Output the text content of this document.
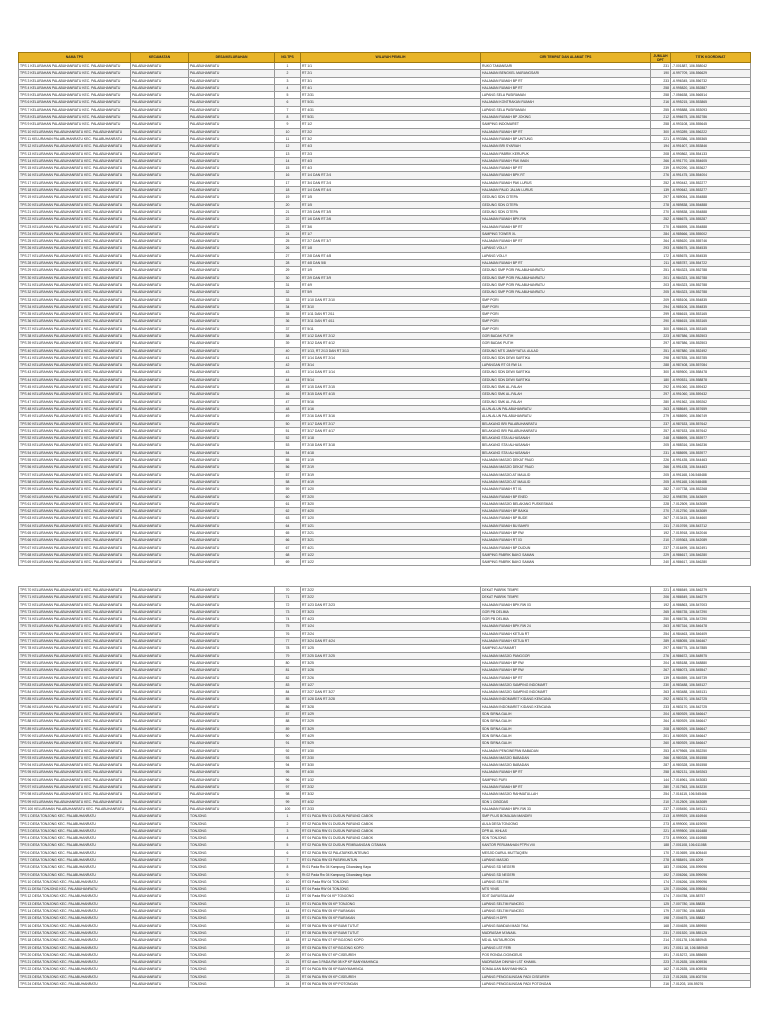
NAMA TPS	KECAMATAN	DESA/KELURAHAN	NO.TPS	WILAYAH PEMILIH	CIRI TEMPAT DAN ALAMAT TPS	JUMLAH DPT	TITIK KOORDINAT
TPS 1 KELURAHAN PALABUHANRATU KEC. PALABUHANRATU	PALABUHANRATU	PALABUHANRATU	1	RT 1/1	RUKO TAMANSARI	231	-7.001887, 106.558042
TPS 2 KELURAHAN PALABUHANRATU KEC. PALABUHANRATU	PALABUHANRATU	PALABUHANRATU	2	RT 2/1	HALAMAN BENGKEL MARANGSARI	190	-6.997709, 106.556629
TPS 3 KELURAHAN PALABUHANRATU KEC. PALABUHANRATU	PALABUHANRATU	PALABUHANRATU	3	RT 3/1	HALAMAN RUMAH BP RT	233	-6.996345, 106.556732
TPS 4 KELURAHAN PALABUHANRATU KEC. PALABUHANRATU	PALABUHANRATU	PALABUHANRATU	4	RT 4/1	HALAMAN RUMAH BP RT	258	-6.995820, 106.552887
TPS 5 KELURAHAN PALABUHANRATU KEC. PALABUHANRATU	PALABUHANRATU	PALABUHANRATU	5	RT 2/31	LAPANG SELA PASIRAMAN	258	-7.056638, 106.566514
TPS 6 KELURAHAN PALABUHANRATU KEC. PALABUHANRATU	PALABUHANRATU	PALABUHANRATU	6	RT 5/31	HALAMAN KONTRAKAN RUMAH	216	-6.995215, 106.553865
TPS 7 KELURAHAN PALABUHANRATU KEC. PALABUHANRATU	PALABUHANRATU	PALABUHANRATU	7	RT 4/31	LAPANG SELA PASIRAMAN	255	-6.995888, 106.553093
TPS 8 KELURAHAN PALABUHANRATU KEC. PALABUHANRATU	PALABUHANRATU	PALABUHANRATU	8	RT 5/31	HALAMAN RUMAH BP JOKING	212	-6.996675, 106.552786
TPS 9 KELURAHAN PALABUHANRATU KEC. PALABUHANRATU	PALABUHANRATU	PALABUHANRATU	9	RT 1/2	SAMPING INDOMARET	258	-6.993108, 106.555645
TPS 10 KELURAHAN PALABUHANRATU KEC. PALABUHANRATU	PALABUHANRATU	PALABUHANRATU	10	RT 2/2	HALAMAN RUMAH BP RT	300	-6.993289, 106.556222
TPS 11 KELURAHAN PALABUHANRATU KEC. PALABUHANRATU	PALABUHANRATU	PALABUHANRATU	11	RT 3/2	HALAMAN RUMAH BP UNTUNG	221	-6.993386, 106.555365
TPS 12 KELURAHAN PALABUHANRATU KEC. PALABUHANRATU	PALABUHANRATU	PALABUHANRATU	12	RT 4/3	HALAMAN BRI SYARIAH	194	-6.991607, 106.553846
TPS 13 KELURAHAN PALABUHANRATU KEC. PALABUHANRATU	PALABUHANRATU	PALABUHANRATU	13	RT 2/3	HALAMAN PABRIK KERUPUK	208	-6.990862, 106.554133
TPS 14 KELURAHAN PALABUHANRATU KEC. PALABUHANRATU	PALABUHANRATU	PALABUHANRATU	14	RT 4/3	HALAMAN RUMAH PAK IMAN	266	-6.991770, 106.554605
TPS 15 KELURAHAN PALABUHANRATU KEC. PALABUHANRATU	PALABUHANRATU	PALABUHANRATU	15	RT 4/3	HALAMAN RUMAH BP RT	239	-6.992290, 106.553627
TPS 16 KELURAHAN PALABUHANRATU KEC. PALABUHANRATU	PALABUHANRATU	PALABUHANRATU	16	RT 1/4 DAN RT 2/4	HALAMAN RUMAH BPK RT	276	-6.991475, 106.554004
TPS 17 KELURAHAN PALABUHANRATU KEC. PALABUHANRATU	PALABUHANRATU	PALABUHANRATU	17	RT 3/4 DAN RT 2/4	HALAMAN RUMAH PAK LURUS	252	-6.990442, 106.552277
TPS 18 KELURAHAN PALABUHANRATU KEC. PALABUHANRATU	PALABUHANRATU	PALABUHANRATU	18	RT 1/4 DAN RT 4/4	HALAMAN PALID JALAN LURUS	139	-6.990642, 106.553277
TPS 19 KELURAHAN PALABUHANRATU KEC. PALABUHANRATU	PALABUHANRATU	PALABUHANRATU	19	RT 1/5	GEDUNG SDN CITEPA	297	-6.989054, 106.554888
TPS 20 KELURAHAN PALABUHANRATU KEC. PALABUHANRATU	PALABUHANRATU	PALABUHANRATU	20	RT 1/5	GEDUNG SDN CITEPA	278	-6.989838, 106.554888
TPS 21 KELURAHAN PALABUHANRATU KEC. PALABUHANRATU	PALABUHANRATU	PALABUHANRATU	21	RT 2/5 DAN RT 3/5	GEDUNG SDN CITEPA	270	-6.989838, 106.554888
TPS 22 KELURAHAN PALABUHANRATU KEC. PALABUHANRATU	PALABUHANRATU	PALABUHANRATU	22	RT 1/6 DAN RT 2/6	HALAMAN RUMAH BPK RW	252	-6.986675, 106.555287
TPS 23 KELURAHAN PALABUHANRATU KEC. PALABUHANRATU	PALABUHANRATU	PALABUHANRATU	23	RT 3/6	HALAMAN RUMAH BP RT	270	-6.986595, 106.554888
TPS 24 KELURAHAN PALABUHANRATU KEC. PALABUHANRATU	PALABUHANRATU	PALABUHANRATU	24	RT 1/7	SAMPING TOWER XL	284	-6.985666, 106.555002
TPS 25 KELURAHAN PALABUHANRATU KEC. PALABUHANRATU	PALABUHANRATU	PALABUHANRATU	25	RT 2/7 DAN RT 3/7	HALAMAN RUMAH BP RT	264	-6.985620, 106.555746
TPS 26 KELURAHAN PALABUHANRATU KEC. PALABUHANRATU	PALABUHANRATU	PALABUHANRATU	26	RT 1/8	LAPANG VOLLY	293	-6.985675, 106.554535
TPS 27 KELURAHAN PALABUHANRATU KEC. PALABUHANRATU	PALABUHANRATU	PALABUHANRATU	27	RT 2/8 DAN RT 4/8	LAPANG VOLLY	172	-6.985675, 106.554535
TPS 28 KELURAHAN PALABUHANRATU KEC. PALABUHANRATU	PALABUHANRATU	PALABUHANRATU	28	RT 4/8 DAN 5/8	HALAMAN RUMAH BP RT	211	-6.985787, 106.554722
TPS 29 KELURAHAN PALABUHANRATU KEC. PALABUHANRATU	PALABUHANRATU	PALABUHANRATU	29	RT 1/9	GEDUNG SMP PGRI PALABUHANRATU	251	-6.984323, 106.552788
TPS 30 KELURAHAN PALABUHANRATU KEC. PALABUHANRATU	PALABUHANRATU	PALABUHANRATU	30	RT 2/9 DAN RT 3/9	GEDUNG SMP PGRI PALABUHANRATU	201	-6.984323, 106.552788
TPS 31 KELURAHAN PALABUHANRATU KEC. PALABUHANRATU	PALABUHANRATU	PALABUHANRATU	31	RT 4/9	GEDUNG SMP PGRI PALABUHANRATU	203	-6.984323, 106.552788
TPS 32 KELURAHAN PALABUHANRATU KEC. PALABUHANRATU	PALABUHANRATU	PALABUHANRATU	32	RT 5/9	GEDUNG SMP PGRI PALABUHANRATU	205	-6.984323, 106.552788
TPS 33 KELURAHAN PALABUHANRATU KEC. PALABUHANRATU	PALABUHANRATU	PALABUHANRATU	33	RT 1/10 DAN RT 2/10	SMP PGRI	209	-6.985106, 106.554835
TPS 34 KELURAHAN PALABUHANRATU KEC. PALABUHANRATU	PALABUHANRATU	PALABUHANRATU	34	RT 3/10	SMP PGRI	294	-6.985106, 106.554835
TPS 35 KELURAHAN PALABUHANRATU KEC. PALABUHANRATU	PALABUHANRATU	PALABUHANRATU	35	RT 1/11 DAN RT 2/11	SMP PGRI	299	-6.986615, 106.553165
TPS 36 KELURAHAN PALABUHANRATU KEC. PALABUHANRATU	PALABUHANRATU	PALABUHANRATU	36	RT 3/11 DAN RT 4/11	SMP PGRI	290	-6.986615, 106.553165
TPS 37 KELURAHAN PALABUHANRATU KEC. PALABUHANRATU	PALABUHANRATU	PALABUHANRATU	37	RT 5/11	SMP PGRI	300	-6.986615, 106.553165
TPS 38 KELURAHAN PALABUHANRATU KEC. PALABUHANRATU	PALABUHANRATU	PALABUHANRATU	38	RT 1/12 DAN RT 2/12	GOR BADAK PUTIH	223	-6.987586, 106.552503
TPS 39 KELURAHAN PALABUHANRATU KEC. PALABUHANRATU	PALABUHANRATU	PALABUHANRATU	39	RT 3/12 DAN RT 4/12	GOR BADAK PUTIH	297	-6.987586, 106.552503
TPS 40 KELURAHAN PALABUHANRATU KEC. PALABUHANRATU	PALABUHANRATU	PALABUHANRATU	40	RT 1/13, RT 2/13 DAN RT 3/13	GEDUNG MTS JAMIYYATUL AULAD	251	-6.987880, 106.552492
TPS 41 KELURAHAN PALABUHANRATU KEC. PALABUHANRATU	PALABUHANRATU	PALABUHANRATU	41	RT 1/14 DAN RT 2/14	GEDUNG SDN DEWI SARTIKA	298	-6.987835, 106.553785
TPS 42 KELURAHAN PALABUHANRATU KEC. PALABUHANRATU	PALABUHANRATU	PALABUHANRATU	42	RT 3/14	LAPANGAN RT 03 RW 14	288	-6.987408, 106.557084
TPS 43 KELURAHAN PALABUHANRATU KEC. PALABUHANRATU	PALABUHANRATU	PALABUHANRATU	43	RT 1/14 DAN RT 1/14	GEDUNG SDN DEWI SARTIKA	300	-6.989500, 106.558478
TPS 44 KELURAHAN PALABUHANRATU KEC. PALABUHANRATU	PALABUHANRATU	PALABUHANRATU	44	RT 5/14	GEDUNG SDN DEWI SARTIKA	180	-6.990531, 106.558878
TPS 45 KELURAHAN PALABUHANRATU KEC. PALABUHANRATU	PALABUHANRATU	PALABUHANRATU	45	RT 1/15 DAN RT 2/15	GEDUNG SMK AL-FALAH	292	-6.991060, 106.559432
TPS 46 KELURAHAN PALABUHANRATU KEC. PALABUHANRATU	PALABUHANRATU	PALABUHANRATU	46	RT 3/15 DAN RT 4/15	GEDUNG SMK AL-FALAH	297	-6.991060, 106.559432
TPS 47 KELURAHAN PALABUHANRATU KEC. PALABUHANRATU	PALABUHANRATU	PALABUHANRATU	47	RT 5/16	GEDUNG SMK AL-FALAH	280	-6.991562, 106.559262
TPS 48 KELURAHAN PALABUHANRATU KEC. PALABUHANRATU	PALABUHANRATU	PALABUHANRATU	48	RT 1/16	ALUN-ALUN PALABUHANRATU	263	-6.988649, 106.557659
TPS 49 KELURAHAN PALABUHANRATU KEC. PALABUHANRATU	PALABUHANRATU	PALABUHANRATU	49	RT 2/16 DAN RT 3/16	ALUN-ALUN PALABUHANRATU	279	-6.988690, 106.556749
TPS 50 KELURAHAN PALABUHANRATU KEC. PALABUHANRATU	PALABUHANRATU	PALABUHANRATU	50	RT 1/17 DAN RT 2/17	BELAKANG BRI PALABUHANRATU	237	-6.987633, 106.557642
TPS 51 KELURAHAN PALABUHANRATU KEC. PALABUHANRATU	PALABUHANRATU	PALABUHANRATU	51	RT 3/17 DAN RT 4/17	BELAKANG BRI PALABUHANRATU	257	-6.987633, 106.557642
TPS 52 KELURAHAN PALABUHANRATU KEC. PALABUHANRATU	PALABUHANRATU	PALABUHANRATU	52	RT 1/18	BELAKANG STAI ALHASANAH	248	-6.988695, 106.553977
TPS 53 KELURAHAN PALABUHANRATU KEC. PALABUHANRATU	PALABUHANRATU	PALABUHANRATU	53	RT 2/18 DAN RT 3/18	BELAKANG STAI ALHASANAH	205	-6.988316, 106.546236
TPS 54 KELURAHAN PALABUHANRATU KEC. PALABUHANRATU	PALABUHANRATU	PALABUHANRATU	54	RT 4/18	BELAKANG STAI ALHASANAH	231	-6.988695, 106.553977
TPS 55 KELURAHAN PALABUHANRATU KEC. PALABUHANRATU	PALABUHANRATU	PALABUHANRATU	55	RT 1/19	HALAMAN MASJID DEKAT PAUD	226	-6.991435, 106.544463
TPS 56 KELURAHAN PALABUHANRATU KEC. PALABUHANRATU	PALABUHANRATU	PALABUHANRATU	56	RT 2/19	HALAMAN MASJID DEKAT PAUD	266	-6.991435, 106.544463
TPS 57 KELURAHAN PALABUHANRATU KEC. PALABUHANRATU	PALABUHANRATU	PALABUHANRATU	57	RT 3/19	HALAMAN MASJID AT MAULID	205	-6.991168, 106.548488
TPS 58 KELURAHAN PALABUHANRATU KEC. PALABUHANRATU	PALABUHANRATU	PALABUHANRATU	58	RT 4/19	HALAMAN MASJID AT MAULID	205	-6.991168, 106.548488
TPS 59 KELURAHAN PALABUHANRATU KEC. PALABUHANRATU	PALABUHANRATU	PALABUHANRATU	59	RT 1/20	HALAMAN RUMAH RT 01	282	-7.007738, 106.552268
TPS 60 KELURAHAN PALABUHANRATU KEC. PALABUHANRATU	PALABUHANRATU	PALABUHANRATU	60	RT 2/20	HALAMAN RUMAH BP ENED	202	-6.998789, 106.543609
TPS 61 KELURAHAN PALABUHANRATU KEC. PALABUHANRATU	PALABUHANRATU	PALABUHANRATU	61	RT 3/20	HALAMAN MASJID BELAKANG PUSKESMAS	228	-7.012509, 106.543089
TPS 62 KELURAHAN PALABUHANRATU KEC. PALABUHANRATU	PALABUHANRATU	PALABUHANRATU	62	RT 4/20	HALAMAN RUMAH BP BAIKA	270	-7.012750, 106.543089
TPS 63 KELURAHAN PALABUHANRATU KEC. PALABUHANRATU	PALABUHANRATU	PALABUHANRATU	63	RT 1/20	HALAMAN RUMAH BP BUDE	267	-7.013415, 106.544660
TPS 64 KELURAHAN PALABUHANRATU KEC. PALABUHANRATU	PALABUHANRATU	PALABUHANRATU	64	RT 1/21	HALAMAN RUMAH BU BAHRI	211	-7.010769, 106.543712
TPS 65 KELURAHAN PALABUHANRATU KEC. PALABUHANRATU	PALABUHANRATU	PALABUHANRATU	65	RT 2/21	HALAMAN RUMAH BP RW	192	-7.015918, 106.542046
TPS 66 KELURAHAN PALABUHANRATU KEC. PALABUHANRATU	PALABUHANRATU	PALABUHANRATU	66	RT 3/21	HALAMAN RUMAH RT 03	210	-7.009363, 106.542089
TPS 67 KELURAHAN PALABUHANRATU KEC. PALABUHANRATU	PALABUHANRATU	PALABUHANRATU	67	RT 4/21	HALAMAN RUMAH BP DUDUN	237	-7.016499, 106.542491
TPS 68 KELURAHAN PALABUHANRATU KEC. PALABUHANRATU	PALABUHANRATU	PALABUHANRATU	68	RT 1/22	SAMPING PABRIK BAKO SAMAN	229	-6.986617, 106.546280
TPS 69 KELURAHAN PALABUHANRATU KEC. PALABUHANRATU	PALABUHANRATU	PALABUHANRATU	69	RT 1/22	SAMPING PABRIK BAKO SAMAN	240	-6.986617, 106.546280
TPS 70 KELURAHAN PALABUHANRATU KEC. PALABUHANRATU	PALABUHANRATU	PALABUHANRATU	70	RT 2/22	DEKAT PABRIK TEMPE	221	-6.986549, 106.546279
TPS 71 KELURAHAN PALABUHANRATU KEC. PALABUHANRATU	PALABUHANRATU	PALABUHANRATU	71	RT 2/22	DEKAT PABRIK TEMPE	206	-6.986549, 106.546279
TPS 72 KELURAHAN PALABUHANRATU KEC. PALABUHANRATU	PALABUHANRATU	PALABUHANRATU	72	RT 1/23 DAN RT 2/23	HALAMAN RUMAH BPK RW 03	192	-6.986863, 106.547003
TPS 73 KELURAHAN PALABUHANRATU KEC. PALABUHANRATU	PALABUHANRATU	PALABUHANRATU	73	RT 3/23	GOR PB DELIMA	265	-6.986735, 106.547290
TPS 74 KELURAHAN PALABUHANRATU KEC. PALABUHANRATU	PALABUHANRATU	PALABUHANRATU	74	RT 4/23	GOR PB DELIMA	250	-6.986735, 106.547290
TPS 75 KELURAHAN PALABUHANRATU KEC. PALABUHANRATU	PALABUHANRATU	PALABUHANRATU	75	RT 1/24	HALAMAN RUMAH BPK RW 24	263	-6.987316, 106.546478
TPS 76 KELURAHAN PALABUHANRATU KEC. PALABUHANRATU	PALABUHANRATU	PALABUHANRATU	76	RT 2/24	HALAMAN RUMAH KETUA RT	254	-6.984463, 106.546409
TPS 77 KELURAHAN PALABUHANRATU KEC. PALABUHANRATU	PALABUHANRATU	PALABUHANRATU	77	RT 3/24 DAN RT 4/24	HALAMAN RUMAH KETUA RT	289	-6.988055, 106.546467
TPS 78 KELURAHAN PALABUHANRATU KEC. PALABUHANRATU	PALABUHANRATU	PALABUHANRATU	78	RT 1/25	SAMPING ALFAMART	297	-6.986775, 106.547885
TPS 79 KELURAHAN PALABUHANRATU KEC. PALABUHANRATU	PALABUHANRATU	PALABUHANRATU	79	RT 2/25 DAN RT 2/25	HALAMAN MASJID PANGGOR	276	-6.986672, 106.548975
TPS 80 KELURAHAN PALABUHANRATU KEC. PALABUHANRATU	PALABUHANRATU	PALABUHANRATU	80	RT 3/25	HALAMAN RUMAH BP RW	204	-6.985188, 106.548880
TPS 81 KELURAHAN PALABUHANRATU KEC. PALABUHANRATU	PALABUHANRATU	PALABUHANRATU	81	RT 1/26	HALAMAN RUMAH BP RW	267	-6.986073, 106.545547
TPS 82 KELURAHAN PALABUHANRATU KEC. PALABUHANRATU	PALABUHANRATU	PALABUHANRATU	82	RT 2/26	HALAMAN RUMAH BP RT	139	-6.984559, 106.545739
TPS 83 KELURAHAN PALABUHANRATU KEC. PALABUHANRATU	PALABUHANRATU	PALABUHANRATU	83	RT 1/27	HALAMAN MASJID SAMPING INDOMART	230	-6.983488, 106.545127
TPS 84 KELURAHAN PALABUHANRATU KEC. PALABUHANRATU	PALABUHANRATU	PALABUHANRATU	84	RT 2/27 DAN RT 3/27	HALAMAN MASJID SAMPING INDOMART	263	-6.983488, 106.545131
TPS 85 KELURAHAN PALABUHANRATU KEC. PALABUHANRATU	PALABUHANRATU	PALABUHANRATU	85	RT 1/28 DAN RT 2/28	HALAMAN INDOMARET KIDANG KENCANA	292	-6.983170, 106.542725
TPS 86 KELURAHAN PALABUHANRATU KEC. PALABUHANRATU	PALABUHANRATU	PALABUHANRATU	86	RT 3/28	HALAMAN INDOMARET KIDANG KENCANA	233	-6.983170, 106.542725
TPS 87 KELURAHAN PALABUHANRATU KEC. PALABUHANRATU	PALABUHANRATU	PALABUHANRATU	87	RT 1/29	SDN SIRNA GALIH	204	-6.980929, 106.546647
TPS 88 KELURAHAN PALABUHANRATU KEC. PALABUHANRATU	PALABUHANRATU	PALABUHANRATU	88	RT 2/29	SDN SIRNA GALIH	264	-6.980929, 106.546647
TPS 89 KELURAHAN PALABUHANRATU KEC. PALABUHANRATU	PALABUHANRATU	PALABUHANRATU	89	RT 3/29	SDN SIRNA GALIH	208	-6.980929, 106.546647
TPS 90 KELURAHAN PALABUHANRATU KEC. PALABUHANRATU	PALABUHANRATU	PALABUHANRATU	90	RT 4/29	SDN SIRNA GALIH	201	-6.980929, 106.546647
TPS 91 KELURAHAN PALABUHANRATU KEC. PALABUHANRATU	PALABUHANRATU	PALABUHANRATU	91	RT 5/29	SDN SIRNA GALIH	260	-6.980929, 106.546647
TPS 92 KELURAHAN PALABUHANRATU KEC. PALABUHANRATU	PALABUHANRATU	PALABUHANRATU	92	RT 1/30	HALAMAN PENGINEPAN BABADAN	253	-6.979565, 106.552250
TPS 93 KELURAHAN PALABUHANRATU KEC. PALABUHANRATU	PALABUHANRATU	PALABUHANRATU	93	RT 2/30	HALAMAN MASJID BABADAN	266	-6.980328, 106.551558
TPS 94 KELURAHAN PALABUHANRATU KEC. PALABUHANRATU	PALABUHANRATU	PALABUHANRATU	94	RT 3/30	HALAMAN MASJID BABADAN	287	-6.980328, 106.551558
TPS 95 KELURAHAN PALABUHANRATU KEC. PALABUHANRATU	PALABUHANRATU	PALABUHANRATU	95	RT 4/30	HALAMAN RUMAH BP RT	258	-6.982131, 106.549263
TPS 96 KELURAHAN PALABUHANRATU KEC. PALABUHANRATU	PALABUHANRATU	PALABUHANRATU	96	RT 1/32	SAMPING PURI	144	-7.016961, 106.543083
TPS 97 KELURAHAN PALABUHANRATU KEC. PALABUHANRATU	PALABUHANRATU	PALABUHANRATU	97	RT 2/32	HALAMAN RUMAH BP RT	280	-7.017563, 106.543230
TPS 98 KELURAHAN PALABUHANRATU KEC. PALABUHANRATU	PALABUHANRATU	PALABUHANRATU	98	RT 3/32	HALAMAN MASJID RAHMATULLAH	254	-7.016115, 106.545466
TPS 99 KELURAHAN PALABUHANRATU KEC. PALABUHANRATU	PALABUHANRATU	PALABUHANRATU	99	RT 4/32	SDN 1 CIBODAS	210	-7.012509, 106.543089
TPS 100 KELURAHAN PALABUHANRATU KEC. PALABUHANRATU	PALABUHANRATU	PALABUHANRATU	100	RT 2/33	HALAMAN RUMAH BPK RW 33	237	-7.005450, 106.549131
TPS 1 DESA TONJONG KEC. PALABUHANRATU	PALABUHANRATU	TONJONG	1	RT 01 PADA RW 01 DUSUN PARUNG CABOK	SMP PLUS BOMAJAN MANDIRI	213	-6.999929, 106.616946
TPS 2 DESA TONJONG KEC. PALABUHANRATU	PALABUHANRATU	TONJONG	2	RT 02 PADA RW 01 DUSUN PARUNG CABOK	AULA DESA TONJONG	273	-6.999000, 106.619090
TPS 3 DESA TONJONG KEC. PALABUHANRATU	PALABUHANRATU	TONJONG	3	RT 03 PADA RW 01 DUSUN PARUNG CABOK	DPR AL IKHLAS	221	-6.999500, 106.616488
TPS 4 DESA TONJONG KEC. PALABUHANRATU	PALABUHANRATU	TONJONG	4	RT 04 PADA RW 01 DUSUN PARUNG CABOK	SDN TONJONG	273	-6.999000, 106.616988
TPS 5 DESA TONJONG KEC. PALABUHANRATU	PALABUHANRATU	TONJONG	5	RT 02 PADA RW 02 DUSUN PEMBUANGAN CITAMAN	KANTOR PERUMAHAN PTPN VIII	188	-7.001108, 106.611088
TPS 6 DESA TONJONG KEC. PALABUHANRATU	PALABUHANRATU	TONJONG	6	RT 02 PADA RW 02 PALATARKEUNTEUNG	MESJID DARUL MUTTAQIEN	170	-7.010659, 106.605440
TPS 7 DESA TONJONG KEC. PALABUHANRATU	PALABUHANRATU	TONJONG	7	RT 01 PADA RW 03 PASIRKUNTUN	LAPANG MASJID	278	-6.988491, 106.6209
TPS 8 DESA TONJONG KEC. PALABUHANRATU	PALABUHANRATU	TONJONG	8	Rt 01 Pada Rw 04 Kampung Cikandang Kaya	LAPANG SD NEGERI	183	-7.006266, 106.599096
TPS 9 DESA TONJONG KEC. PALABUHANRATU	PALABUHANRATU	TONJONG	9	Rt 02 Pada Rw 04 Kampung Cikandang Kaya	LAPANG SD NEGERI	192	-7.006266, 106.599096
TPS 10 DESA TONJONG KEC. PALABUHANRATU	PALABUHANRATU	TONJONG	10	RT 03 Pada RW 04 TONJONG	LAPANG SELTIM	174	-7.006266, 106.599096
TPS 11 DESA TONJONG KEC. PALABUHANRATU	PALABUHANRATU	TONJONG	11	RT 04 Pada RW 04 TONJONG	MTS YINIS	120	-7.004266, 106.595084
TPS 12 DESA TONJONG KEC. PALABUHANRATU	PALABUHANRATU	TONJONG	12	RT 06 Pada RW 04 KP TONJONG	SDIT DARUSSALAM	174	-7.004788, 106.58757
TPS 13 DESA TONJONG KEC. PALABUHANRATU	PALABUHANRATU	TONJONG	13	RT 01 PADA RW 05 KP TONJONG	LAPANG SELTIM RANCEG	125	-7.007780, 106.58835
TPS 14 DESA TONJONG KEC. PALABUHANRATU	PALABUHANRATU	TONJONG	14	RT 01 PADA RW 05 KP RARAKAN	LAPANG SELTIM RANCEG	179	-7.007780, 106.58835
TPS 15 DESA TONJONG KEC. PALABUHANRATU	PALABUHANRATU	TONJONG	15	RT 01 PADA RW 05 KP RARAKAN	LAPANG H.DPR	198	-7.004675, 106.58882
TPS 16 DESA TONJONG KEC. PALABUHANRATU	PALABUHANRATU	TONJONG	16	RT 08 PADA RW 06 KP BUMI TUTUT	LAPANG BANDAN MADI TIKA	168	-7.004639, 106.589950
TPS 17 DESA TONJONG KEC. PALABUHANRATU	PALABUHANRATU	TONJONG	17	RT 08 PADA RW 06 KP BUMI TUTUT	MADRASAH M'ANAIIL	231	-7.001520, 106.585126
TPS 18 DESA TONJONG KEC. PALABUHANRATU	PALABUHANRATU	TONJONG	18	RT 12 PADA RW 07 KP BOJONG KOPO	MD AL MUTAUROON	214	-7.001178, 106.580945
TPS 19 DESA TONJONG KEC. PALABUHANRATU	PALABUHANRATU	TONJONG	19	RT 03 PADA RW 07 KP BOJONG KOPO	LAPANG LST FERI	191	-7.0011 18, 106.580945
TPS 20 DESA TONJONG KEC. PALABUHANRATU	PALABUHANRATU	TONJONG	20	RT 04 PADA RW 07 KP CISEUREH	POS RONDA CIGINGEUS	191	-7.015272, 106.585655
TPS 21 DESA TONJONG KEC. PALABUHANRATU	PALABUHANRATU	TONJONG	21	RT 02 dan 3 PADA RW 08 KP KP BANYMAHINCA	MADRASAH DINIYAH LST KHAMIL	223	-7.012635, 106.605936
TPS 22 DESA TONJONG KEC. PALABUHANRATU	PALABUHANRATU	TONJONG	22	RT 04 PADA RW 08 KP BANYMAHINCA	SOMALUAN BANYMAHINCA	162	-7.012635, 106.605936
TPS 23 DESA TONJONG KEC. PALABUHANRATU	PALABUHANRATU	TONJONG	23	RT 06 PADA RW 09 KP CISEUREH	LAPANG PENGGILINGAN PADI CISEUREH	213	-7.012635, 106.602706
TPS 24 DESA TONJONG KEC. PALABUHANRATU	PALABUHANRATU	TONJONG	24	RT 06 PADA RW 09 KP POTONGAN	LAPANG PENGGILINGAN PADI POTONGAN	216	-7.01203, 106.59276
